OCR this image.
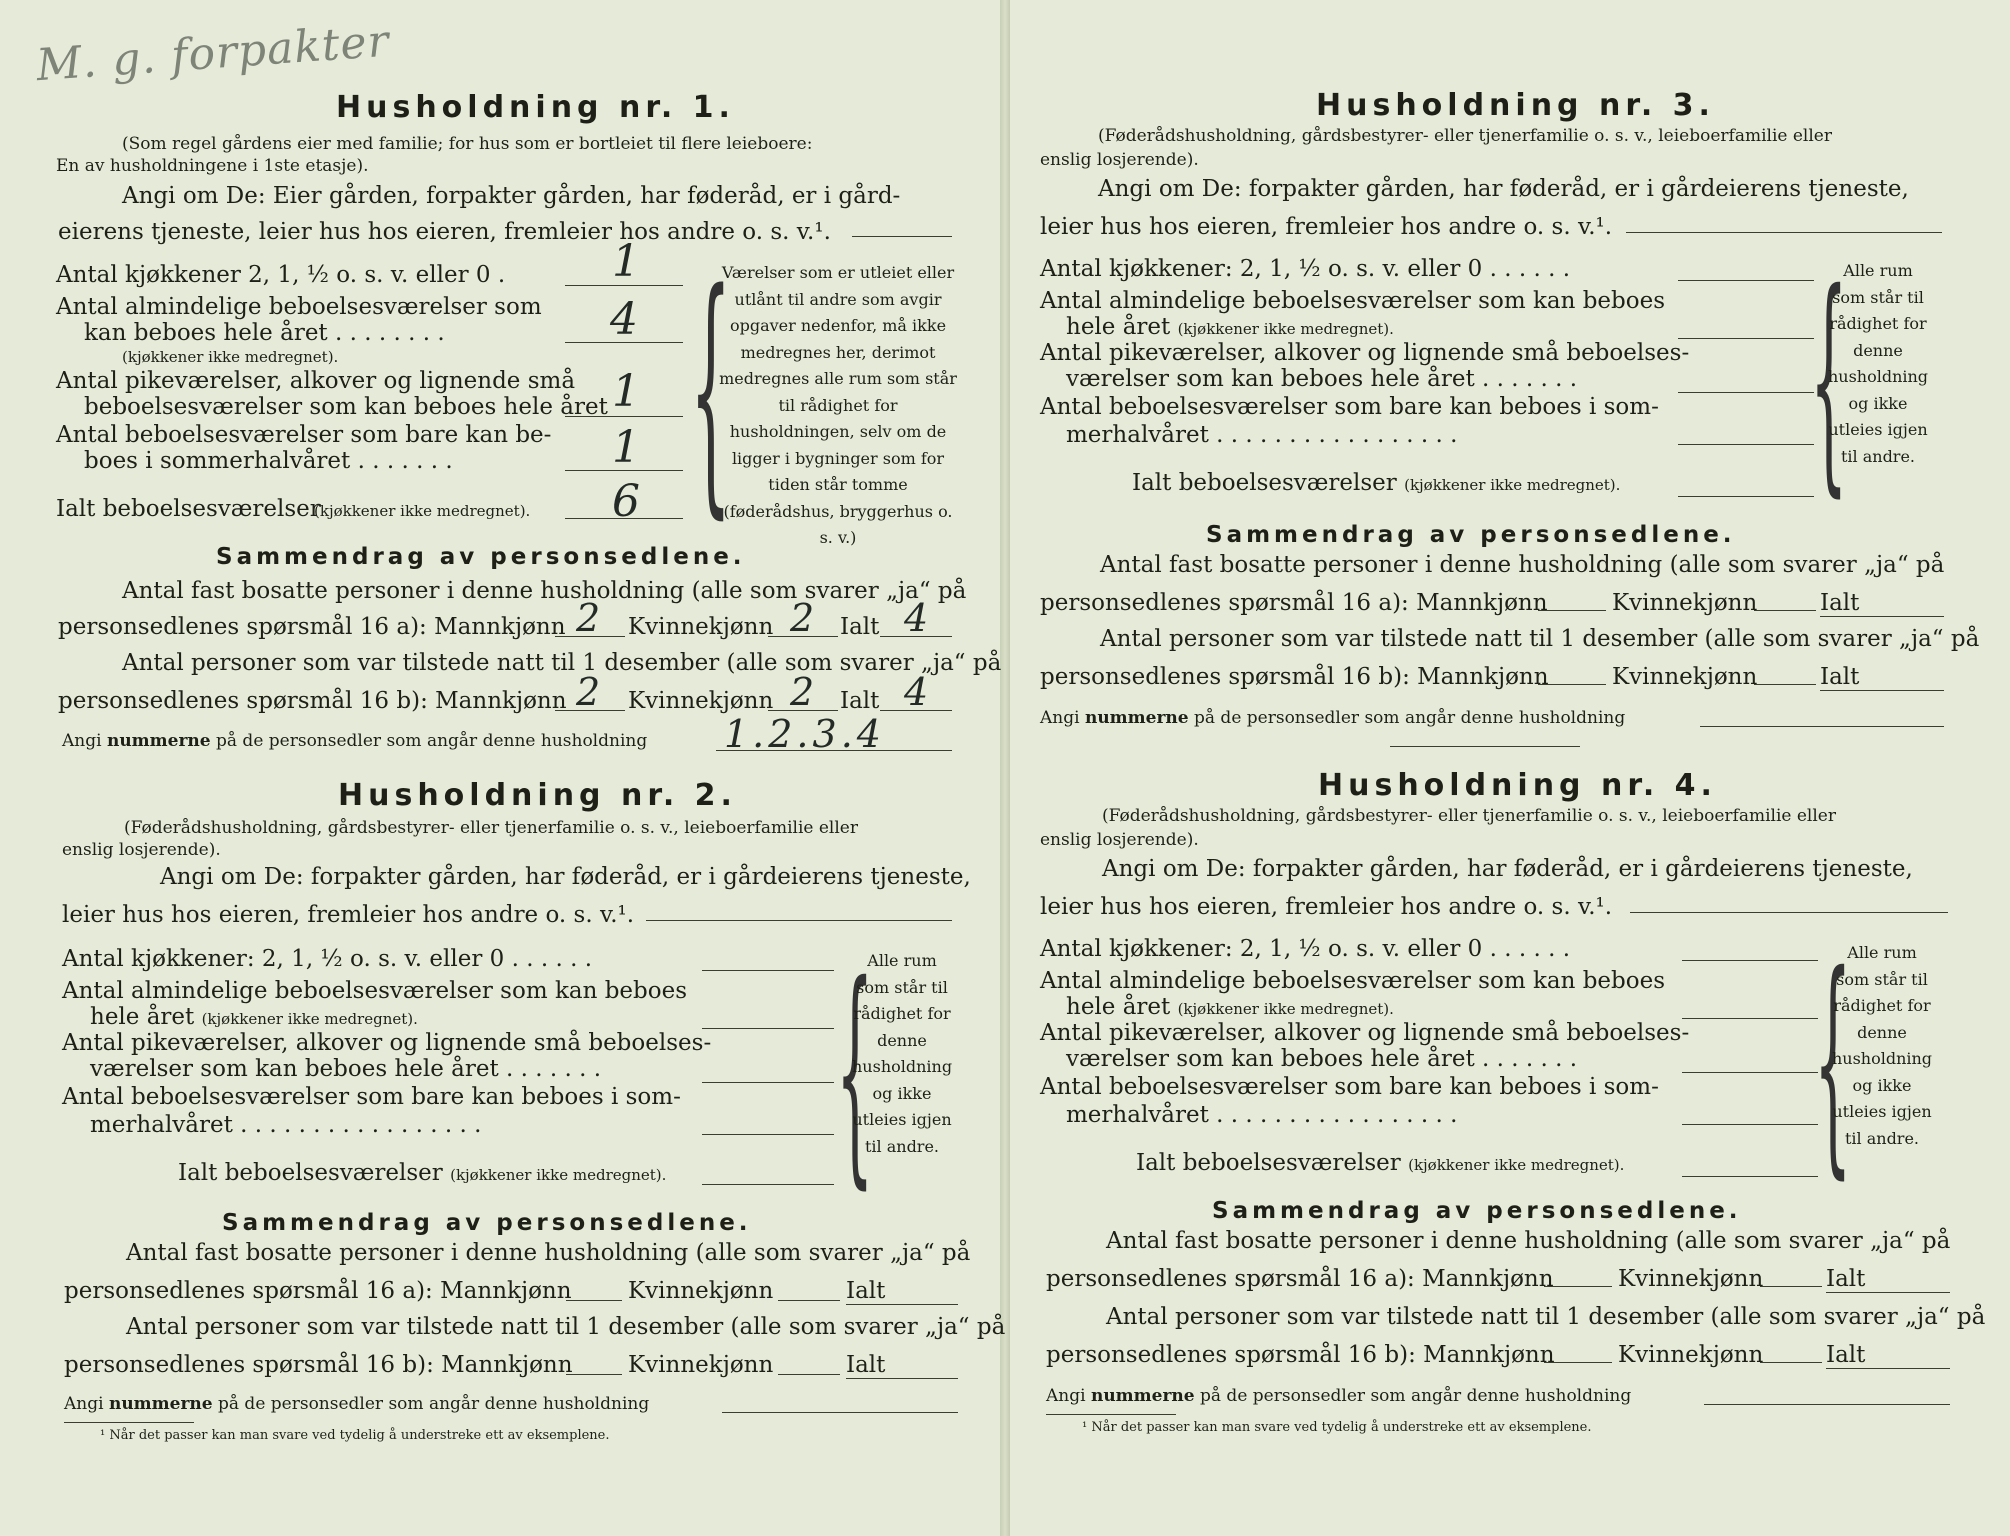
M. g. forpakter
Husholdning nr. 1.
(Som regel gårdens eier med familie; for hus som er bortleiet til flere leieboere:
En av husholdningene i 1ste etasje).
Angi om De: Eier gården, forpakter gården, har føderåd, er i gård-
eierens tjeneste, leier hus hos eieren, fremleier hos andre o. s. v.¹.
Antal kjøkkener 2, 1, ½ o. s. v. eller 0 . 1
Antal almindelige beboelsesværelser som
kan beboes hele året . . . . . . . .
(kjøkkener ikke medregnet).
4
Antal pikeværelser, alkover og lignende små
beboelsesværelser som kan beboes hele året 1
Antal beboelsesværelser som bare kan be-
boes i sommerhalvåret . . . . . . .	1
Ialt beboelsesværelser
(kjøkkener ikke medregnet). 6 {
Værelser som er utleiet eller utlånt til andre som avgir opgaver nedenfor, må ikke medregnes her, derimot medregnes alle rum som står til rådighet for husholdningen, selv om de ligger i bygninger som for tiden står tomme (føderådshus, bryggerhus o. s. v.)
Sammendrag av personsedlene.
Antal fast bosatte personer i denne husholdning (alle som svarer „ja“ på
personsedlenes spørsmål 16 a): Mannkjønn 2 Kvinnekjønn 2 Ialt 4
Antal personer som var tilstede natt til 1 desember (alle som svarer „ja“ på
personsedlenes spørsmål 16 b): Mannkjønn 2 Kvinnekjønn 2 Ialt 4
Angi nummerne på de personsedler som angår denne husholdning 1.2.3.4
Husholdning nr. 2.
(Føderådshusholdning, gårdsbestyrer- eller tjenerfamilie o. s. v., leieboerfamilie eller
enslig losjerende).
Angi om De: forpakter gården, har føderåd, er i gårdeierens tjeneste,
leier hus hos eieren, fremleier hos andre o. s. v.¹.
Antal kjøkkener: 2, 1, ½ o. s. v. eller 0 . . . . . .
Antal almindelige beboelsesværelser som kan beboes
hele året (kjøkkener ikke medregnet).
Antal pikeværelser, alkover og lignende små beboelses-
værelser som kan beboes hele året . . . . . . .
Antal beboelsesværelser som bare kan beboes i som-
merhalvåret . . . . . . . . . . . . . . . . .
Ialt beboelsesværelser (kjøkkener ikke medregnet). {
Alle rum som står til rådighet for denne husholdning og ikke utleies igjen til andre.
Sammendrag av personsedlene.
Antal fast bosatte personer i denne husholdning (alle som svarer „ja“ på
personsedlenes spørsmål 16 a): Mannkjønn Kvinnekjønn	Ialt
Antal personer som var tilstede natt til 1 desember (alle som svarer „ja“ på
personsedlenes spørsmål 16 b): Mannkjønn Kvinnekjønn	Ialt
Angi nummerne på de personsedler som angår denne husholdning
¹ Når det passer kan man svare ved tydelig å understreke ett av eksemplene.
Husholdning nr. 3.
(Føderådshusholdning, gårdsbestyrer- eller tjenerfamilie o. s. v., leieboerfamilie eller
enslig losjerende).
Angi om De: forpakter gården, har føderåd, er i gårdeierens tjeneste,
leier hus hos eieren, fremleier hos andre o. s. v.¹.
Antal kjøkkener: 2, 1, ½ o. s. v. eller 0 . . . . . .
Antal almindelige beboelsesværelser som kan beboes
hele året (kjøkkener ikke medregnet).
Antal pikeværelser, alkover og lignende små beboelses-
værelser som kan beboes hele året . . . . . . .
Antal beboelsesværelser som bare kan beboes i som-
merhalvåret . . . . . . . . . . . . . . . . .
Ialt beboelsesværelser (kjøkkener ikke medregnet). {
Alle rum som står til rådighet for denne husholdning og ikke utleies igjen til andre.
Sammendrag av personsedlene.
Antal fast bosatte personer i denne husholdning (alle som svarer „ja“ på
personsedlenes spørsmål 16 a): Mannkjønn	Kvinnekjønn	Ialt
Antal personer som var tilstede natt til 1 desember (alle som svarer „ja“ på
personsedlenes spørsmål 16 b): Mannkjønn	Kvinnekjønn	Ialt
Angi nummerne på de personsedler som angår denne husholdning
Husholdning nr. 4.
(Føderådshusholdning, gårdsbestyrer- eller tjenerfamilie o. s. v., leieboerfamilie eller
enslig losjerende).
Angi om De: forpakter gården, har føderåd, er i gårdeierens tjeneste,
leier hus hos eieren, fremleier hos andre o. s. v.¹.
Antal kjøkkener: 2, 1, ½ o. s. v. eller 0 . . . . . .
Antal almindelige beboelsesværelser som kan beboes
hele året (kjøkkener ikke medregnet).
Antal pikeværelser, alkover og lignende små beboelses-
værelser som kan beboes hele året . . . . . . .
Antal beboelsesværelser som bare kan beboes i som-
merhalvåret . . . . . . . . . . . . . . . . .
Ialt beboelsesværelser (kjøkkener ikke medregnet). {
Alle rum som står til rådighet for denne husholdning og ikke utleies igjen til andre.
Sammendrag av personsedlene.
Antal fast bosatte personer i denne husholdning (alle som svarer „ja“ på
personsedlenes spørsmål 16 a): Mannkjønn	Kvinnekjønn	Ialt
Antal personer som var tilstede natt til 1 desember (alle som svarer „ja“ på
personsedlenes spørsmål 16 b): Mannkjønn	Kvinnekjønn	Ialt
Angi nummerne på de personsedler som angår denne husholdning
¹ Når det passer kan man svare ved tydelig å understreke ett av eksemplene.
